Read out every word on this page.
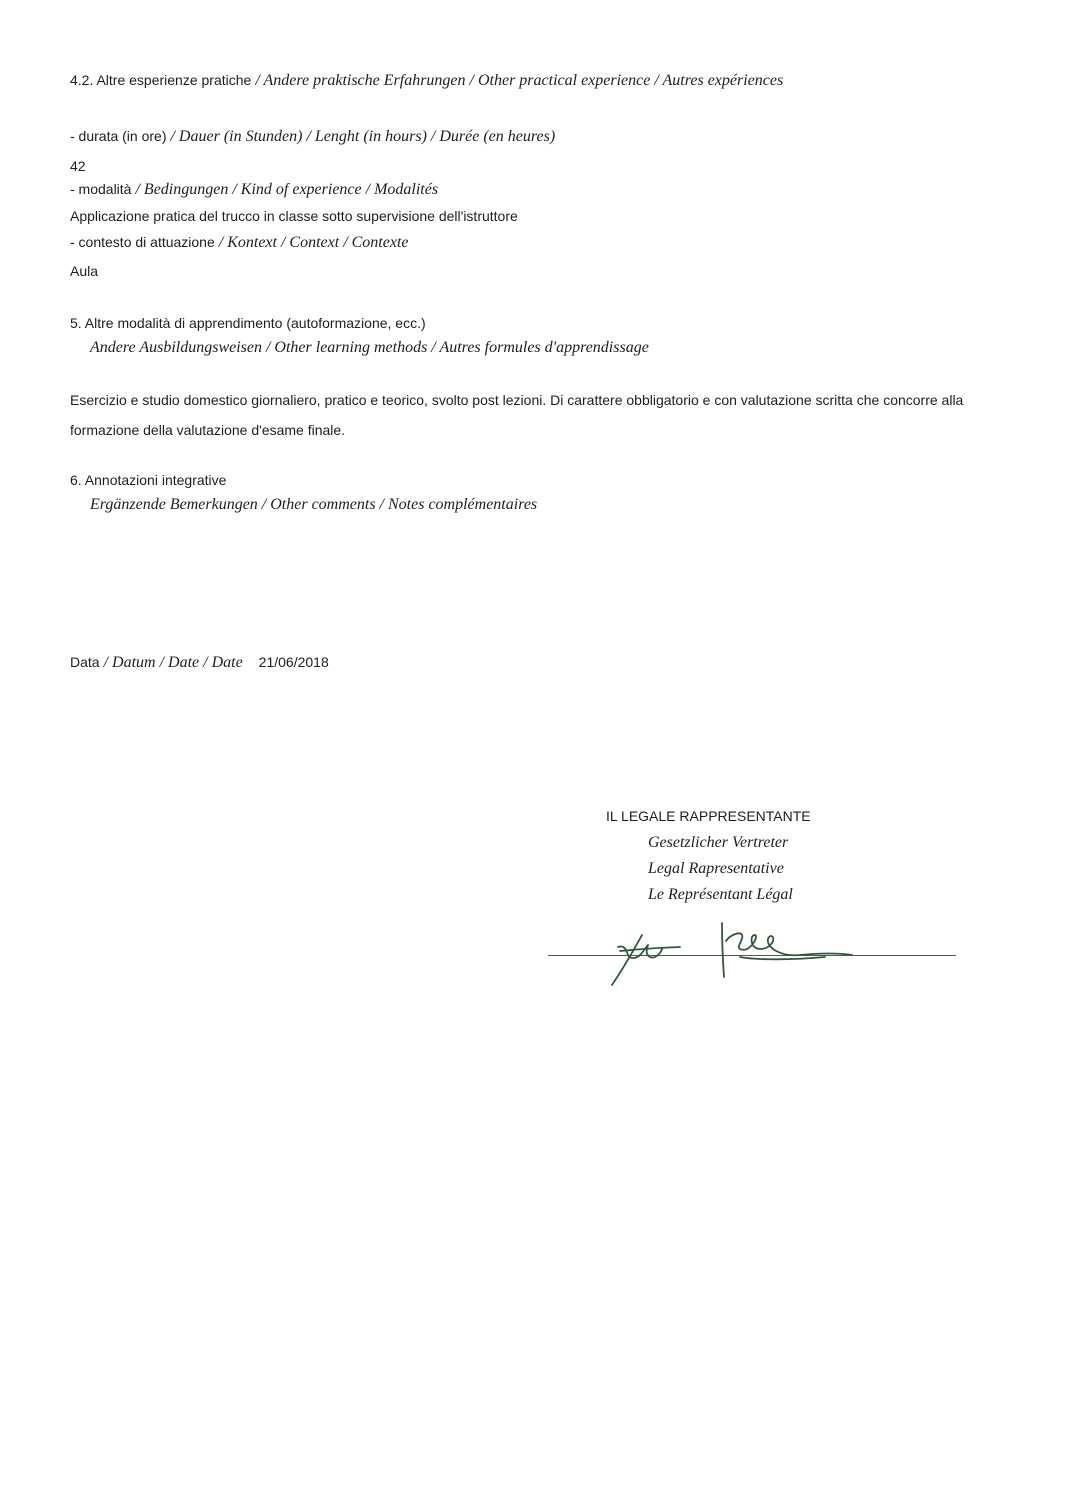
4.2. Altre esperienze pratiche / Andere praktische Erfahrungen / Other practical experience / Autres expériences
- durata (in ore) / Dauer (in Stunden) / Lenght (in hours) / Durée (en heures)
42
- modalità / Bedingungen / Kind of experience / Modalités
Applicazione pratica del trucco in classe sotto supervisione dell'istruttore
- contesto di attuazione / Kontext / Context / Contexte
Aula
5. Altre modalità di apprendimento (autoformazione, ecc.)
Andere Ausbildungsweisen / Other learning methods / Autres formules d'apprendissage
Esercizio e studio domestico giornaliero, pratico e teorico, svolto post lezioni. Di carattere obbligatorio e con valutazione scritta che concorre alla formazione della valutazione d'esame finale.
6. Annotazioni integrative
Ergänzende Bemerkungen / Other comments / Notes complémentaires
Data / Datum / Date / Date 21/06/2018
IL LEGALE RAPPRESENTANTE
Gesetzlicher Vertreter
Legal Rapresentative
Le Représentant Légal
